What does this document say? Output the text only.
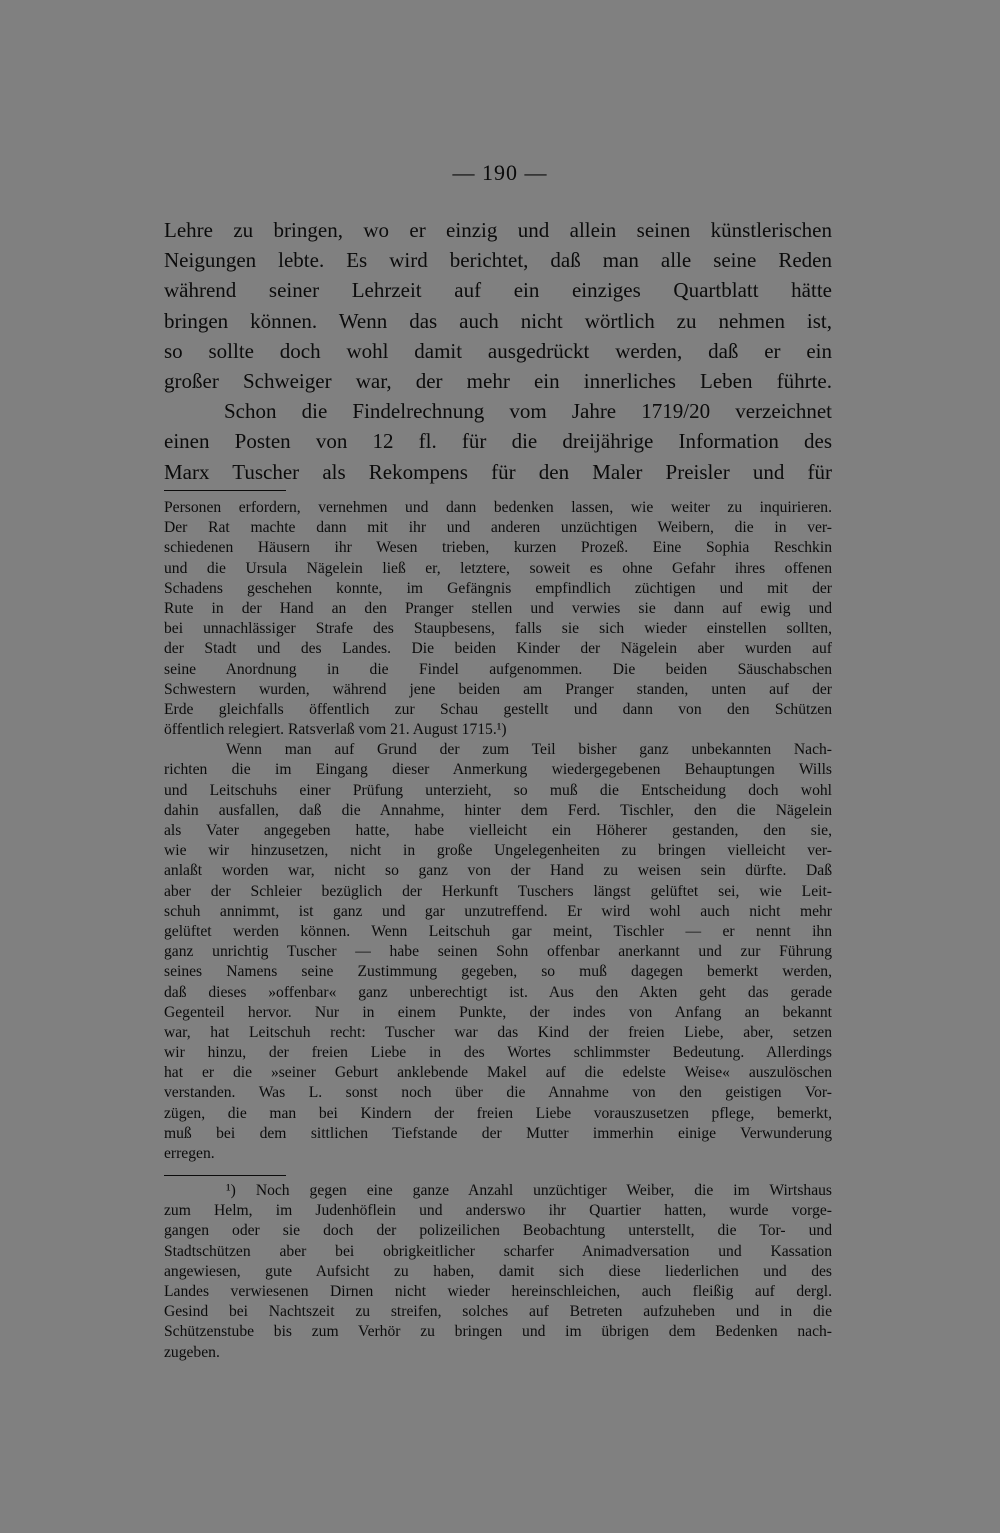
— 190 —
Lehre zu bringen, wo er einzig und allein seinen künstlerischen
Neigungen lebte. Es wird berichtet, daß man alle seine Reden
während seiner Lehrzeit auf ein einziges Quartblatt hätte
bringen können. Wenn das auch nicht wörtlich zu nehmen ist,
so sollte doch wohl damit ausgedrückt werden, daß er ein
großer Schweiger war, der mehr ein innerliches Leben führte.
Schon die Findelrechnung vom Jahre 1719/20 verzeichnet
einen Posten von 12 fl. für die dreijährige Information des
Marx Tuscher als Rekompens für den Maler Preisler und für
Personen erfordern, vernehmen und dann bedenken lassen, wie weiter zu inquirieren.
Der Rat machte dann mit ihr und anderen unzüchtigen Weibern, die in ver-
schiedenen Häusern ihr Wesen trieben, kurzen Prozeß. Eine Sophia Reschkin
und die Ursula Nägelein ließ er, letztere, soweit es ohne Gefahr ihres offenen
Schadens geschehen konnte, im Gefängnis empfindlich züchtigen und mit der
Rute in der Hand an den Pranger stellen und verwies sie dann auf ewig und
bei unnachlässiger Strafe des Staupbesens, falls sie sich wieder einstellen sollten,
der Stadt und des Landes. Die beiden Kinder der Nägelein aber wurden auf
seine Anordnung in die Findel aufgenommen. Die beiden Säuschabschen
Schwestern wurden, während jene beiden am Pranger standen, unten auf der
Erde gleichfalls öffentlich zur Schau gestellt und dann von den Schützen
öffentlich relegiert. Ratsverlaß vom 21. August 1715.¹)
Wenn man auf Grund der zum Teil bisher ganz unbekannten Nach-
richten die im Eingang dieser Anmerkung wiedergegebenen Behauptungen Wills
und Leitschuhs einer Prüfung unterzieht, so muß die Entscheidung doch wohl
dahin ausfallen, daß die Annahme, hinter dem Ferd. Tischler, den die Nägelein
als Vater angegeben hatte, habe vielleicht ein Höherer gestanden, den sie,
wie wir hinzusetzen, nicht in große Ungelegenheiten zu bringen vielleicht ver-
anlaßt worden war, nicht so ganz von der Hand zu weisen sein dürfte. Daß
aber der Schleier bezüglich der Herkunft Tuschers längst gelüftet sei, wie Leit-
schuh annimmt, ist ganz und gar unzutreffend. Er wird wohl auch nicht mehr
gelüftet werden können. Wenn Leitschuh gar meint, Tischler — er nennt ihn
ganz unrichtig Tuscher — habe seinen Sohn offenbar anerkannt und zur Führung
seines Namens seine Zustimmung gegeben, so muß dagegen bemerkt werden,
daß dieses »offenbar« ganz unberechtigt ist. Aus den Akten geht das gerade
Gegenteil hervor. Nur in einem Punkte, der indes von Anfang an bekannt
war, hat Leitschuh recht: Tuscher war das Kind der freien Liebe, aber, setzen
wir hinzu, der freien Liebe in des Wortes schlimmster Bedeutung. Allerdings
hat er die »seiner Geburt anklebende Makel auf die edelste Weise« auszulöschen
verstanden. Was L. sonst noch über die Annahme von den geistigen Vor-
zügen, die man bei Kindern der freien Liebe vorauszusetzen pflege, bemerkt,
muß bei dem sittlichen Tiefstande der Mutter immerhin einige Verwunderung
erregen.
¹) Noch gegen eine ganze Anzahl unzüchtiger Weiber, die im Wirtshaus
zum Helm, im Judenhöflein und anderswo ihr Quartier hatten, wurde vorge-
gangen oder sie doch der polizeilichen Beobachtung unterstellt, die Tor- und
Stadtschützen aber bei obrigkeitlicher scharfer Animadversation und Kassation
angewiesen, gute Aufsicht zu haben, damit sich diese liederlichen und des
Landes verwiesenen Dirnen nicht wieder hereinschleichen, auch fleißig auf dergl.
Gesind bei Nachtszeit zu streifen, solches auf Betreten aufzuheben und in die
Schützenstube bis zum Verhör zu bringen und im übrigen dem Bedenken nach-
zugeben.
